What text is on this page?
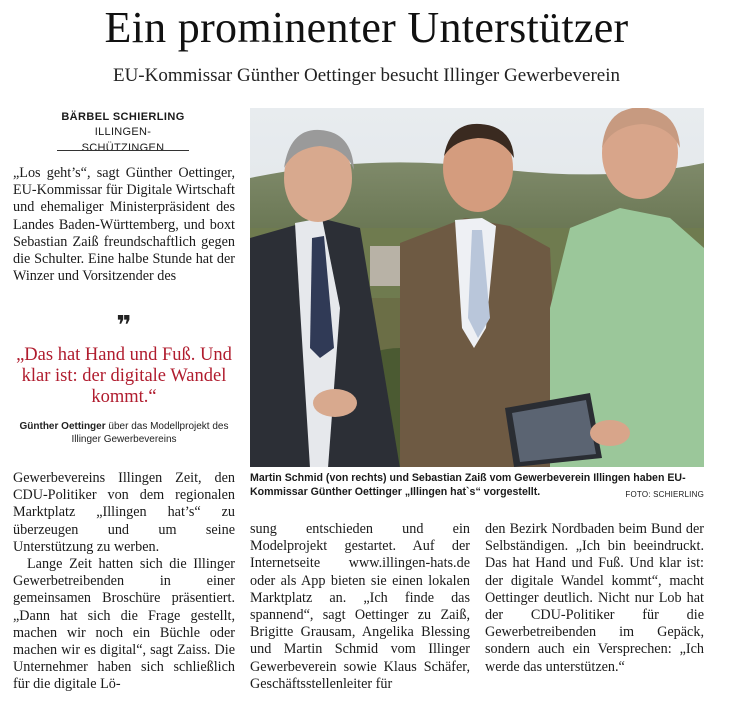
Ein prominenter Unterstützer
EU-Kommissar Günther Oettinger besucht Illinger Gewerbeverein
BÄRBEL SCHIERLING
ILLINGEN-SCHÜTZINGEN

„Los geht’s“, sagt Günther Oettinger, EU-Kommissar für Digitale Wirtschaft und ehemaliger Ministerpräsident des Landes Baden-Württemberg, und boxt Sebastian Zaiß freundschaftlich gegen die Schulter. Eine halbe Stunde hat der Winzer und Vorsitzender des

❞
„Das hat Hand und Fuß. Und klar ist: der digitale Wandel kommt.“
Günther Oettinger über das Modellprojekt des Illinger Gewerbevereins
Martin Schmid (von rechts) und Sebastian Zaiß vom Gewerbeverein Illingen haben EU-Kommissar Günther Oettinger „Illingen hat`s“ vorgestellt.	FOTO: SCHIERLING

Gewerbevereins Illingen Zeit, den CDU-Politiker von dem regionalen Marktplatz „Illingen hat’s“ zu überzeugen und um seine Unterstützung zu werben.

Lange Zeit hatten sich die Illinger Gewerbetreibenden in einer gemeinsamen Broschüre präsentiert. „Dann hat sich die Frage gestellt, machen wir noch ein Büchle oder machen wir es digital“, sagt Zaiss. Die Unternehmer haben sich schließlich für die digitale Lö-

sung entschieden und ein Modelprojekt gestartet. Auf der Internetseite www.illingen-hats.de oder als App bieten sie einen lokalen Marktplatz an. „Ich finde das spannend“, sagt Oettinger zu Zaiß, Brigitte Grausam, Angelika Blessing und Martin Schmid vom Illinger Gewerbeverein sowie Klaus Schäfer, Geschäftsstellenleiter für

den Bezirk Nordbaden beim Bund der Selbständigen. „Ich bin beeindruckt. Das hat Hand und Fuß. Und klar ist: der digitale Wandel kommt“, macht Oettinger deutlich. Nicht nur Lob hat der CDU-Politiker für die Gewerbetreibenden im Gepäck, sondern auch ein Versprechen: „Ich werde das unterstützen.“
